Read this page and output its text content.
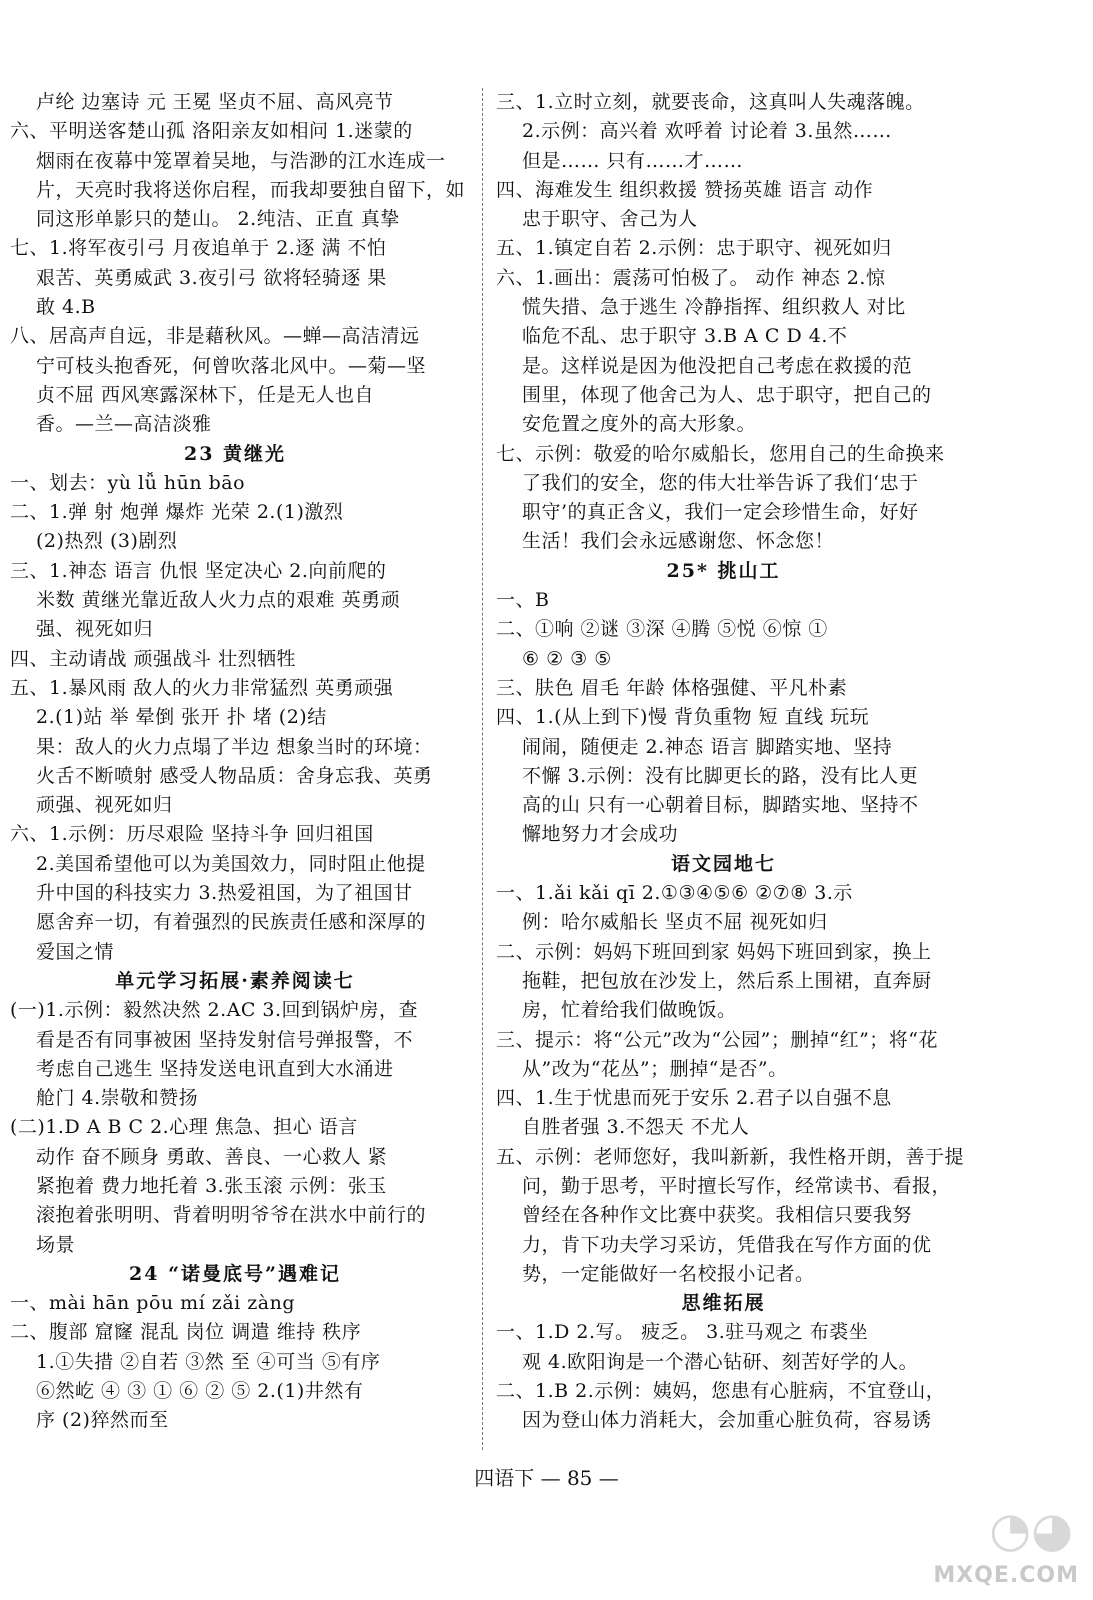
卢纶 边塞诗 元 王冕 坚贞不屈、高风亮节
六、平明送客楚山孤 洛阳亲友如相问 1.迷蒙的
烟雨在夜幕中笼罩着吴地，与浩渺的江水连成一
片，天亮时我将送你启程，而我却要独自留下，如
同这形单影只的楚山。 2.纯洁、正直 真挚
七、1.将军夜引弓 月夜追单于 2.逐 满 不怕
艰苦、英勇威武 3.夜引弓 欲将轻骑逐 果
敢 4.B
八、居高声自远，非是藉秋风。—蝉—高洁清远
宁可枝头抱香死，何曾吹落北风中。—菊—坚
贞不屈 西风寒露深林下，任是无人也自
香。—兰—高洁淡雅
23 黄继光
一、划去：yù lǚ hūn bāo
二、1.弹 射 炮弹 爆炸 光荣 2.(1)激烈
(2)热烈 (3)剧烈
三、1.神态 语言 仇恨 坚定决心 2.向前爬的
米数 黄继光靠近敌人火力点的艰难 英勇顽
强、视死如归
四、主动请战 顽强战斗 壮烈牺牲
五、1.暴风雨 敌人的火力非常猛烈 英勇顽强
2.(1)站 举 晕倒 张开 扑 堵 (2)结
果：敌人的火力点塌了半边 想象当时的环境：
火舌不断喷射 感受人物品质：舍身忘我、英勇
顽强、视死如归
六、1.示例：历尽艰险 坚持斗争 回归祖国
2.美国希望他可以为美国效力，同时阻止他提
升中国的科技实力 3.热爱祖国，为了祖国甘
愿舍弃一切，有着强烈的民族责任感和深厚的
爱国之情
单元学习拓展·素养阅读七
(一)1.示例：毅然决然 2.AC 3.回到锅炉房，查
看是否有同事被困 坚持发射信号弹报警，不
考虑自己逃生 坚持发送电讯直到大水涌进
舱门 4.崇敬和赞扬
(二)1.D A B C 2.心理 焦急、担心 语言
动作 奋不顾身 勇敢、善良、一心救人 紧
紧抱着 费力地托着 3.张玉滚 示例：张玉
滚抱着张明明、背着明明爷爷在洪水中前行的
场景
24 “诺曼底号”遇难记
一、mài hān pōu mí zǎi zàng
二、腹部 窟窿 混乱 岗位 调遣 维持 秩序
1.①失措 ②自若 ③然 至 ④可当 ⑤有序
⑥然屹 ④ ③ ① ⑥ ② ⑤ 2.(1)井然有
序 (2)猝然而至
三、1.立时立刻，就要丧命，这真叫人失魂落魄。
2.示例：高兴着 欢呼着 讨论着 3.虽然……
但是…… 只有……才……
四、海难发生 组织救援 赞扬英雄 语言 动作
忠于职守、舍己为人
五、1.镇定自若 2.示例：忠于职守、视死如归
六、1.画出：震荡可怕极了。 动作 神态 2.惊
慌失措、急于逃生 冷静指挥、组织救人 对比
临危不乱、忠于职守 3.B A C D 4.不
是。这样说是因为他没把自己考虑在救援的范
围里，体现了他舍己为人、忠于职守，把自己的
安危置之度外的高大形象。
七、示例：敬爱的哈尔威船长，您用自己的生命换来
了我们的安全，您的伟大壮举告诉了我们‘忠于
职守’的真正含义，我们一定会珍惜生命，好好
生活！我们会永远感谢您、怀念您！
25* 挑山工
一、B
二、①响 ②谜 ③深 ④腾 ⑤悦 ⑥惊 ①
⑥ ② ③ ⑤
三、肤色 眉毛 年龄 体格强健、平凡朴素
四、1.(从上到下)慢 背负重物 短 直线 玩玩
闹闹，随便走 2.神态 语言 脚踏实地、坚持
不懈 3.示例：没有比脚更长的路，没有比人更
高的山 只有一心朝着目标，脚踏实地、坚持不
懈地努力才会成功
语文园地七
一、1.ǎi kǎi qī 2.①③④⑤⑥ ②⑦⑧ 3.示
例：哈尔威船长 坚贞不屈 视死如归
二、示例：妈妈下班回到家 妈妈下班回到家，换上
拖鞋，把包放在沙发上，然后系上围裙，直奔厨
房，忙着给我们做晚饭。
三、提示：将“公元”改为“公园”；删掉“红”；将“花
从”改为“花丛”；删掉“是否”。
四、1.生于忧患而死于安乐 2.君子以自强不息
自胜者强 3.不怨天 不尤人
五、示例：老师您好，我叫新新，我性格开朗，善于提
问，勤于思考，平时擅长写作，经常读书、看报，
曾经在各种作文比赛中获奖。我相信只要我努
力，肯下功夫学习采访，凭借我在写作方面的优
势，一定能做好一名校报小记者。
思维拓展
一、1.D 2.写。 疲乏。 3.驻马观之 布裘坐
观 4.欧阳询是一个潜心钻研、刻苦好学的人。
二、1.B 2.示例：姨妈，您患有心脏病，不宜登山，
因为登山体力消耗大，会加重心脏负荷，容易诱
四语下 — 85 —
◔◕
MXQE.COM
